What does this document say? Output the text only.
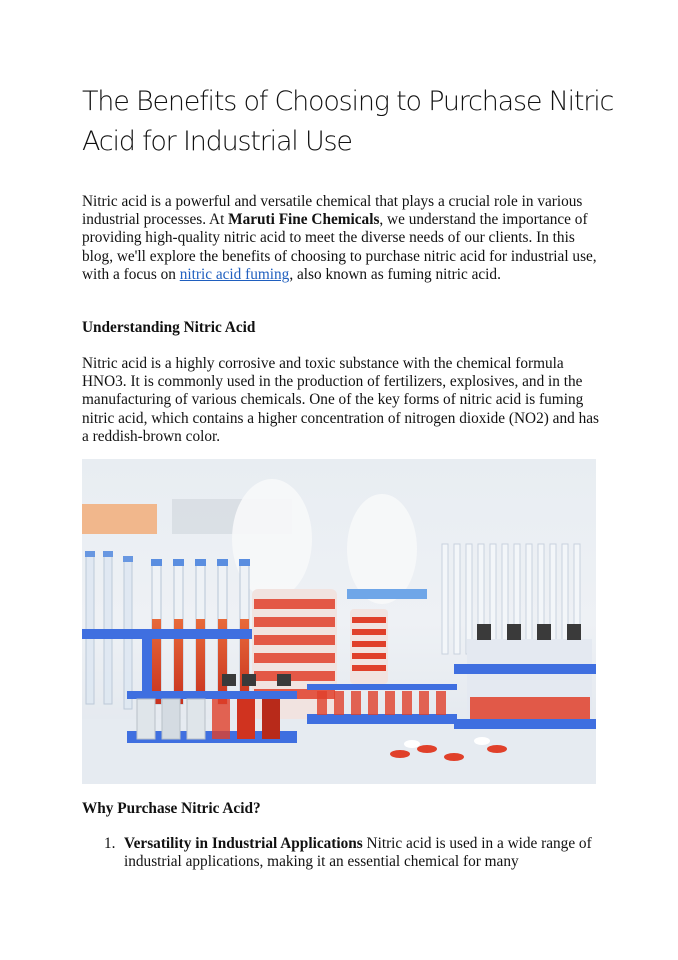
The Benefits of Choosing to Purchase Nitric Acid for Industrial Use

Nitric acid is a powerful and versatile chemical that plays a crucial role in various industrial processes. At Maruti Fine Chemicals, we understand the importance of providing high-quality nitric acid to meet the diverse needs of our clients. In this blog, we'll explore the benefits of choosing to purchase nitric acid for industrial use, with a focus on nitric acid fuming, also known as fuming nitric acid.

Understanding Nitric Acid

Nitric acid is a highly corrosive and toxic substance with the chemical formula HNO3. It is commonly used in the production of fertilizers, explosives, and in the manufacturing of various chemicals. One of the key forms of nitric acid is fuming nitric acid, which contains a higher concentration of nitrogen dioxide (NO2) and has a reddish-brown color.

Why Purchase Nitric Acid?
1. Versatility in Industrial Applications Nitric acid is used in a wide range of industrial applications, making it an essential chemical for many
